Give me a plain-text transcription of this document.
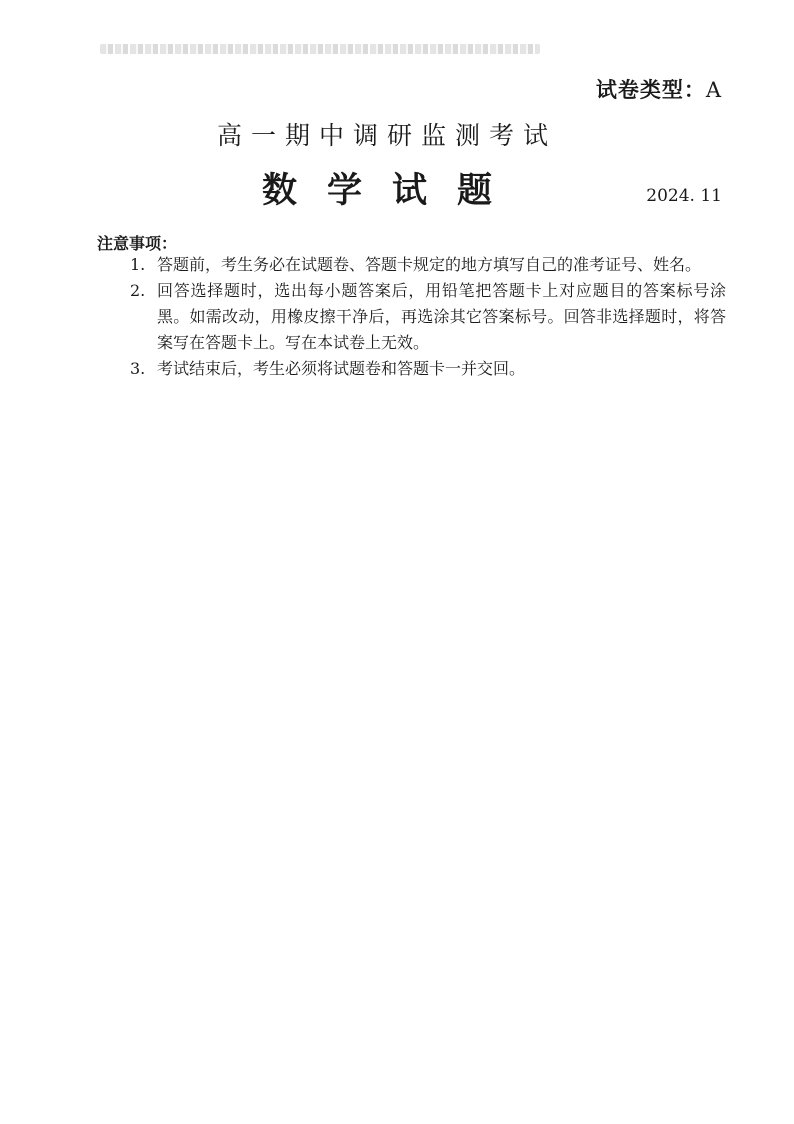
试卷类型：A
高一期中调研监测考试
数学试题	2024. 11
注意事项：
1. 答题前，考生务必在试题卷、答题卡规定的地方填写自己的准考证号、姓名。
2. 回答选择题时，选出每小题答案后，用铅笔把答题卡上对应题目的答案标号涂黑。如需改动，用橡皮擦干净后，再选涂其它答案标号。回答非选择题时，将答案写在答题卡上。写在本试卷上无效。
3. 考试结束后，考生必须将试题卷和答题卡一并交回。
